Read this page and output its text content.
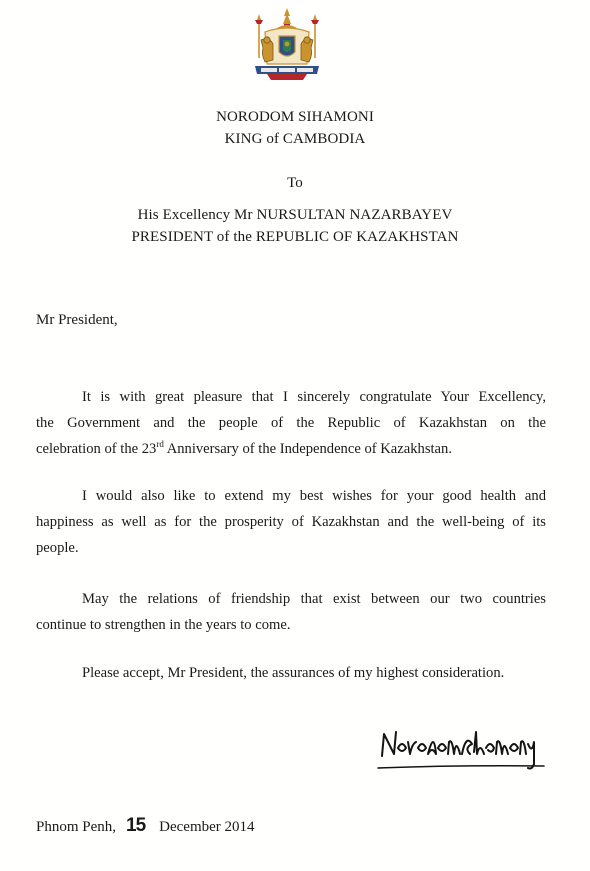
NORODOM SIHAMONI
KING of CAMBODIA
To
His Excellency Mr NURSULTAN NAZARBAYEV
PRESIDENT of the REPUBLIC OF KAZAKHSTAN
Mr President,
It is with great pleasure that I sincerely congratulate Your Excellency,
the Government and the people of the Republic of Kazakhstan on the
celebration of the 23rd Anniversary of the Independence of Kazakhstan.
I would also like to extend my best wishes for your good health and
happiness as well as for the prosperity of Kazakhstan and the well-being of its
people.
May the relations of friendship that exist between our two countries
continue to strengthen in the years to come.
Please accept, Mr President, the assurances of my highest consideration.
Phnom Penh, 15 December 2014
